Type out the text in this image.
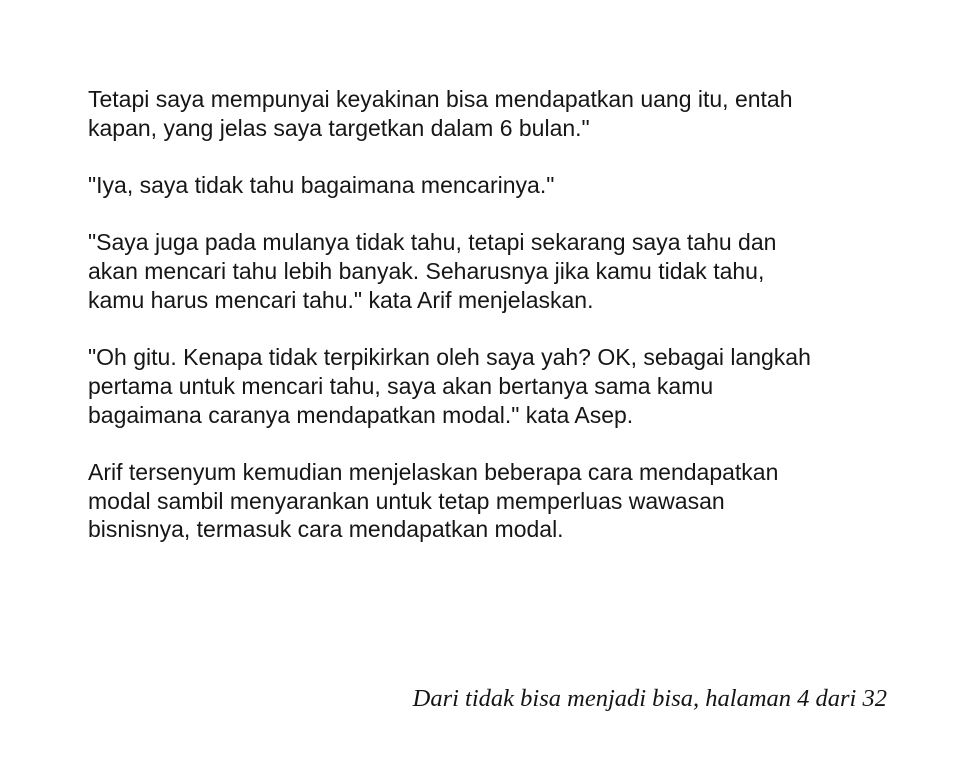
Tetapi saya mempunyai keyakinan bisa mendapatkan uang itu, entah
kapan, yang jelas saya targetkan dalam 6 bulan."

"Iya, saya tidak tahu bagaimana mencarinya."

"Saya juga pada mulanya tidak tahu, tetapi sekarang saya tahu dan
akan mencari tahu lebih banyak. Seharusnya jika kamu tidak tahu,
kamu harus mencari tahu." kata Arif menjelaskan.

"Oh gitu. Kenapa tidak terpikirkan oleh saya yah? OK, sebagai langkah
pertama untuk mencari tahu, saya akan bertanya sama kamu
bagaimana caranya mendapatkan modal." kata Asep.

Arif tersenyum kemudian menjelaskan beberapa cara mendapatkan
modal sambil menyarankan untuk tetap memperluas wawasan
bisnisnya, termasuk cara mendapatkan modal.

Dari tidak bisa menjadi bisa, halaman 4 dari 32
